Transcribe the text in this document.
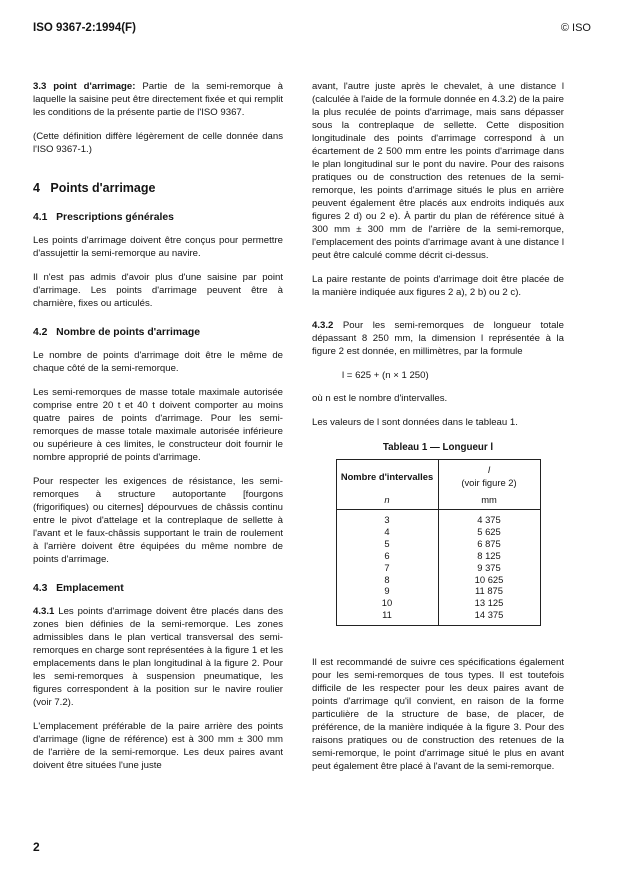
ISO 9367-2:1994(F)	© ISO

3.3 point d'arrimage: Partie de la semi-remorque à laquelle la saisine peut être directement fixée et qui remplit les conditions de la présente partie de l'ISO 9367.

(Cette définition diffère légèrement de celle donnée dans l'ISO 9367-1.)

4   Points d'arrimage
4.1   Prescriptions générales

Les points d'arrimage doivent être conçus pour permettre d'assujettir la semi-remorque au navire.

Il n'est pas admis d'avoir plus d'une saisine par point d'arrimage. Les points d'arrimage peuvent être à charnière, fixes ou articulés.

4.2   Nombre de points d'arrimage

Le nombre de points d'arrimage doit être le même de chaque côté de la semi-remorque.

Les semi-remorques de masse totale maximale autorisée comprise entre 20 t et 40 t doivent comporter au moins quatre paires de points d'arrimage. Pour les semi-remorques de masse totale maximale autorisée inférieure ou supérieure à ces limites, le constructeur doit fournir le nombre approprié de points d'arrimage.

Pour respecter les exigences de résistance, les semi-remorques à structure autoportante [fourgons (frigorifiques) ou citernes] dépourvues de châssis continu entre le pivot d'attelage et la contreplaque de sellette à l'avant et le faux-châssis supportant le train de roulement à l'arrière doivent être équipées du même nombre de points d'arrimage.

4.3   Emplacement

4.3.1 Les points d'arrimage doivent être placés dans des zones bien définies de la semi-remorque. Les zones admissibles dans le plan vertical transversal des semi-remorques en charge sont représentées à la figure 1 et les emplacements dans le plan longitudinal à la figure 2. Pour les semi-remorques à suspension pneumatique, les figures correspondent à la position sur le navire roulier (voir 7.2).

L'emplacement préférable de la paire arrière des points d'arrimage (ligne de référence) est à 300 mm ± 300 mm de l'arrière de la semi-remorque. Les deux paires avant doivent être situées l'une juste

avant, l'autre juste après le chevalet, à une distance l (calculée à l'aide de la formule donnée en 4.3.2) de la paire la plus reculée de points d'arrimage, mais sans dépasser sous la contreplaque de sellette. Cette disposition longitudinale des points d'arrimage correspond à un écartement de 2 500 mm entre les points d'arrimage dans le plan longitudinal sur le pont du navire. Pour des raisons pratiques ou de construction des retenues de la semi-remorque, les points d'arrimage situés le plus en arrière peuvent également être placés aux endroits indiqués aux figures 2 d) ou 2 e). À partir du plan de référence situé à 300 mm ± 300 mm de l'arrière de la semi-remorque, l'emplacement des points d'arrimage avant à une distance l peut être calculé comme décrit ci-dessus.

La paire restante de points d'arrimage doit être placée de la manière indiquée aux figures 2 a), 2 b) ou 2 c).

4.3.2 Pour les semi-remorques de longueur totale dépassant 8 250 mm, la dimension l représentée à la figure 2 est donnée, en millimètres, par la formule

l = 625 + (n × 1 250)

où n est le nombre d'intervalles.

Les valeurs de l sont données dans le tableau 1.

Tableau 1 — Longueur l
Nombre d'intervalles	l
(voir figure 2)

n	mm
3	4 375
4	5 625
5	6 875
6	8 125
7	9 375
8	10 625
9	11 875
10	13 125
11	14 375

Il est recommandé de suivre ces spécifications également pour les semi-remorques de tous types. Il est toutefois difficile de les respecter pour les deux paires avant de points d'arrimage qu'il convient, en raison de la forme particulière de la structure de base, de placer, de préférence, de la manière indiquée à la figure 3. Pour des raisons pratiques ou de construction des retenues de la semi-remorque, le point d'arrimage situé le plus en avant peut également être placé à l'avant de la semi-remorque.

2
